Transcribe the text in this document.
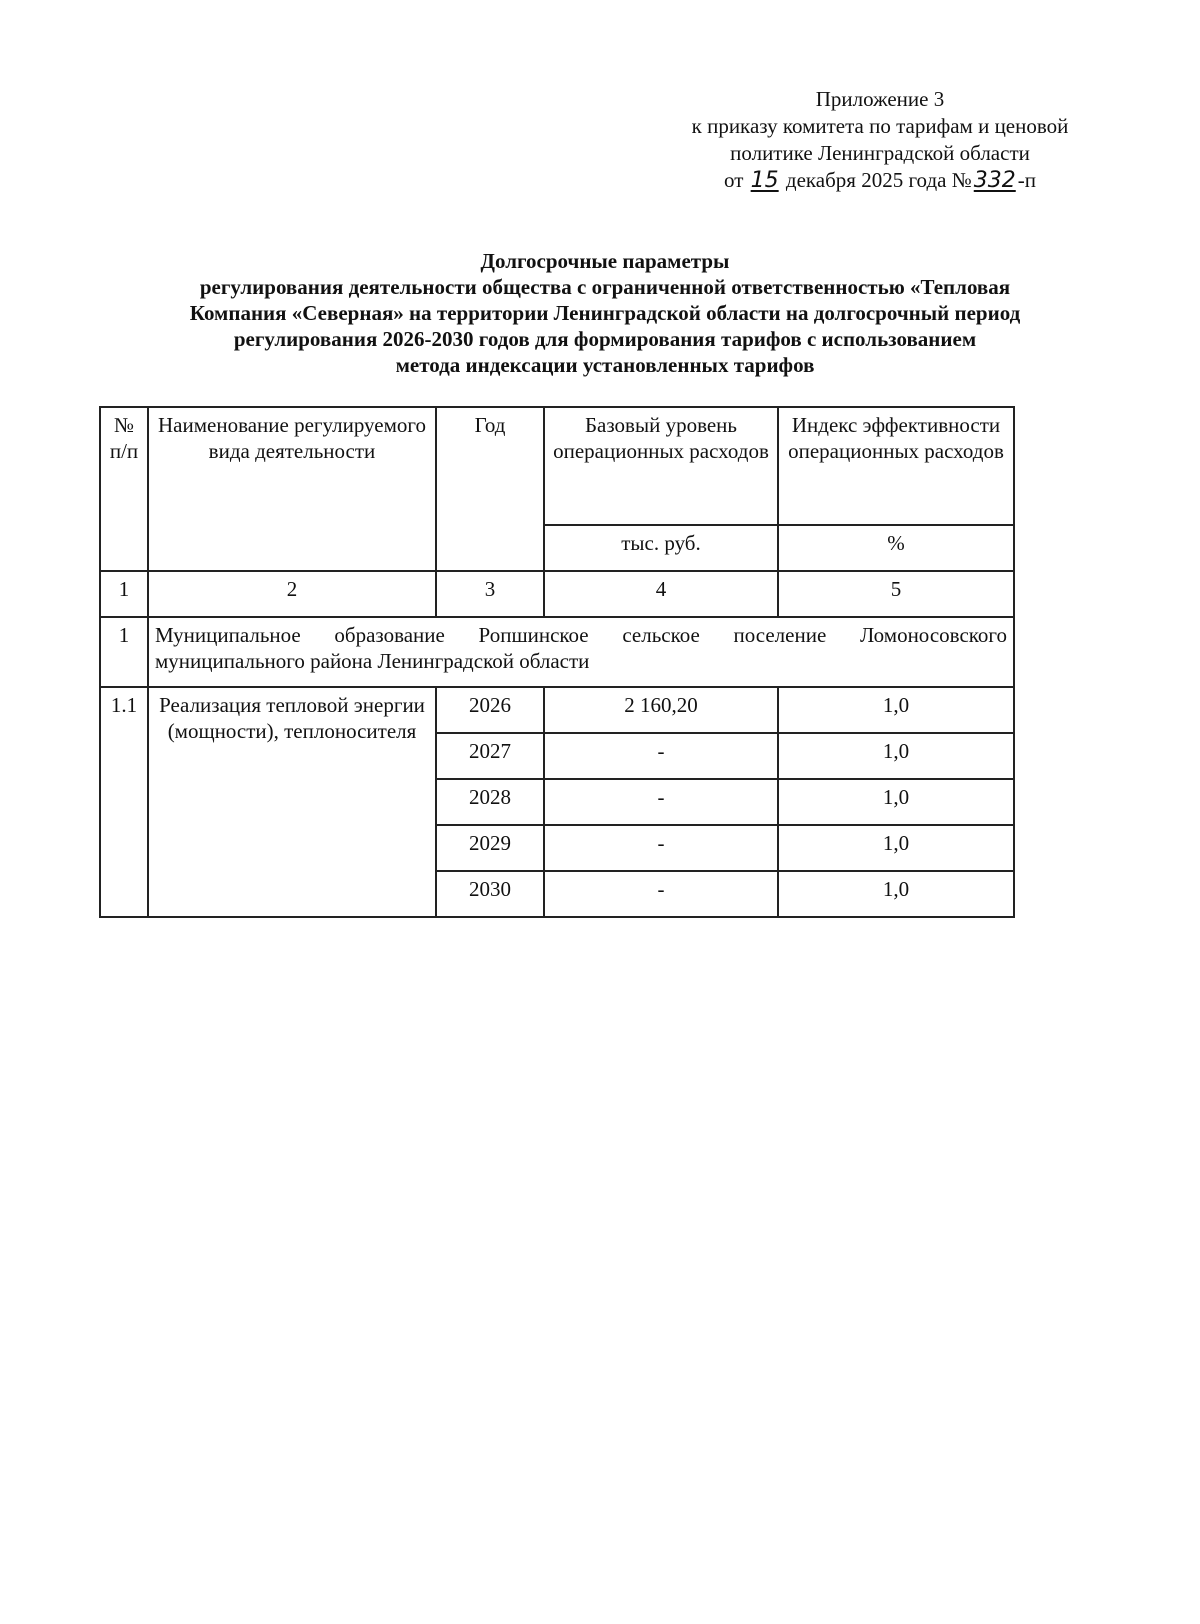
Приложение 3
к приказу комитета по тарифам и ценовой
политике Ленинградской области
от 15 декабря 2025 года №332-п
Долгосрочные параметры
регулирования деятельности общества с ограниченной ответственностью «Тепловая
Компания «Северная» на территории Ленинградской области на долгосрочный период
регулирования 2026-2030 годов для формирования тарифов с использованием
метода индексации установленных тарифов
№ п/п	Наименование регулируемого вида деятельности	Год	Базовый уровень операционных расходов	Индекс эффективности операционных расходов
			тыс. руб.	%
1	2	3	4	5
1	Муниципальное образование Ропшинское сельское поселение Ломоносовского
муниципального района Ленинградской области			

1.1	Реализация тепловой энергии (мощности), теплоносителя	2026	2 160,20	1,0
		2027	-	1,0
		2028	-	1,0
		2029	-	1,0
		2030	-	1,0
